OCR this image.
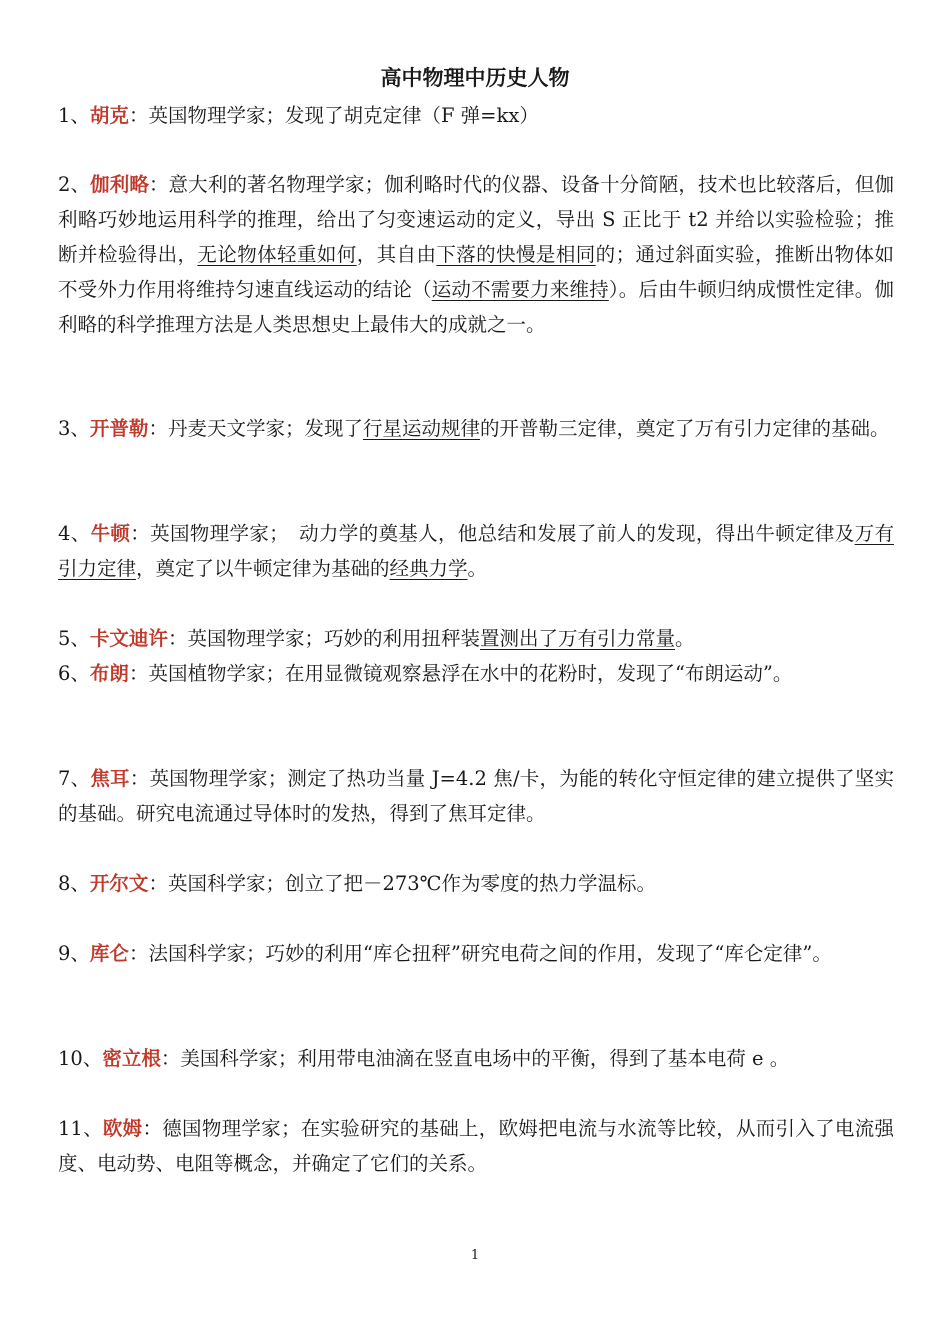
高中物理中历史人物

1、胡克：英国物理学家；发现了胡克定律（F 弹=kx）

2、伽利略：意大利的著名物理学家；伽利略时代的仪器、设备十分简陋，技术也比较落后，但伽利略巧妙地运用科学的推理，给出了匀变速运动的定义，导出 S 正比于 t2 并给以实验检验；推断并检验得出，无论物体轻重如何，其自由下落的快慢是相同的；通过斜面实验，推断出物体如不受外力作用将维持匀速直线运动的结论（运动不需要力来维持）。后由牛顿归纳成惯性定律。伽利略的科学推理方法是人类思想史上最伟大的成就之一。

3、开普勒：丹麦天文学家；发现了行星运动规律的开普勒三定律，奠定了万有引力定律的基础。

4、牛顿：英国物理学家；　动力学的奠基人，他总结和发展了前人的发现，得出牛顿定律及万有引力定律，奠定了以牛顿定律为基础的经典力学。

5、卡文迪许：英国物理学家；巧妙的利用扭秤装置测出了万有引力常量。

6、布朗：英国植物学家；在用显微镜观察悬浮在水中的花粉时，发现了“布朗运动”。

7、焦耳：英国物理学家；测定了热功当量 J=4.2 焦/卡，为能的转化守恒定律的建立提供了坚实的基础。研究电流通过导体时的发热，得到了焦耳定律。

8、开尔文：英国科学家；创立了把－273℃作为零度的热力学温标。

9、库仑：法国科学家；巧妙的利用“库仑扭秤”研究电荷之间的作用，发现了“库仑定律”。

10、密立根：美国科学家；利用带电油滴在竖直电场中的平衡，得到了基本电荷 e 。

11、欧姆：德国物理学家；在实验研究的基础上，欧姆把电流与水流等比较，从而引入了电流强度、电动势、电阻等概念，并确定了它们的关系。

1
